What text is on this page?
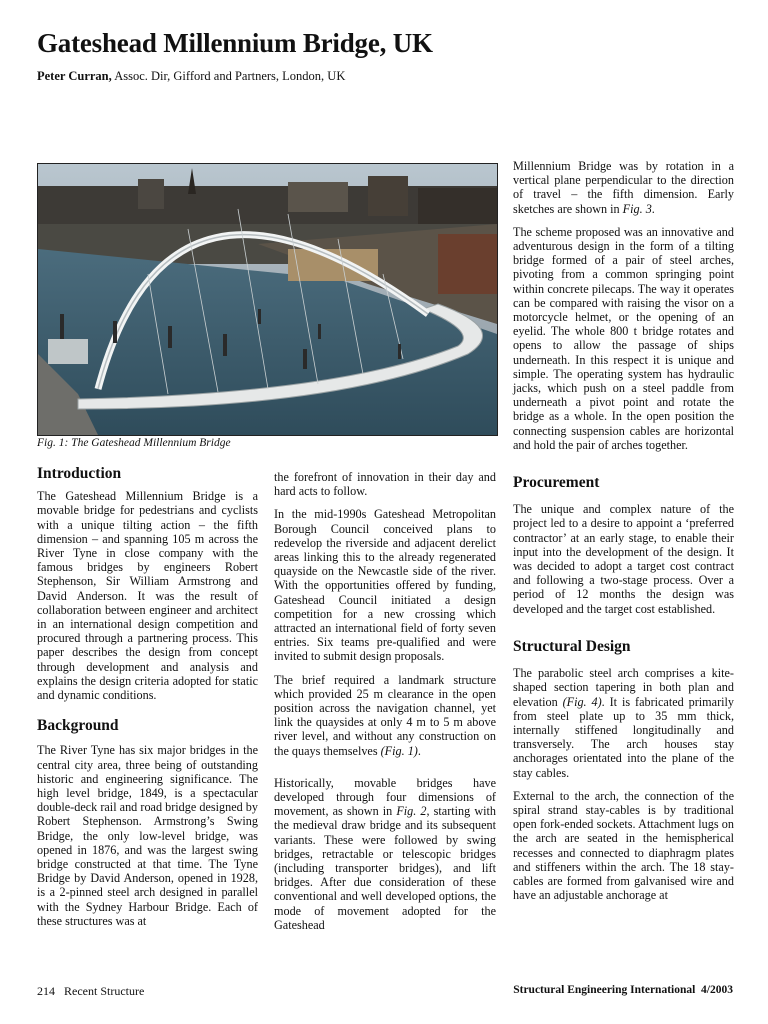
Gateshead Millennium Bridge, UK
Peter Curran, Assoc. Dir, Gifford and Partners, London, UK
Fig. 1: The Gateshead Millennium Bridge
Introduction

The Gateshead Millennium Bridge is a movable bridge for pedestrians and cyclists with a unique tilting action – the fifth dimension – and spanning 105 m across the River Tyne in close company with the famous bridges by engineers Robert Stephenson, Sir William Armstrong and David Anderson. It was the result of collaboration between engineer and architect in an international design competition and procured through a partnering process. This paper describes the design from concept through development and analysis and explains the design criteria adopted for static and dynamic conditions.

Background

The River Tyne has six major bridges in the central city area, three being of outstanding historic and engineering significance. The high level bridge, 1849, is a spectacular double-deck rail and road bridge designed by Robert Stephenson. Armstrong’s Swing Bridge, the only low-level bridge, was opened in 1876, and was the largest swing bridge constructed at that time. The Tyne Bridge by David Anderson, opened in 1928, is a 2-pinned steel arch designed in parallel with the Sydney Harbour Bridge. Each of these structures was at

the forefront of innovation in their day and hard acts to follow.

In the mid-1990s Gateshead Metropolitan Borough Council conceived plans to redevelop the riverside and adjacent derelict areas linking this to the already regenerated quayside on the Newcastle side of the river. With the opportunities offered by funding, Gateshead Council initiated a design competition for a new crossing which attracted an international field of forty seven entries. Six teams pre-qualified and were invited to submit design proposals.

The brief required a landmark structure which provided 25 m clearance in the open position across the navigation channel, yet link the quaysides at only 4 m to 5 m above river level, and without any construction on the quays themselves (Fig. 1).

Historically, movable bridges have developed through four dimensions of movement, as shown in Fig. 2, starting with the medieval draw bridge and its subsequent variants. These were followed by swing bridges, retractable or telescopic bridges (including transporter bridges), and lift bridges. After due consideration of these conventional and well developed options, the mode of movement adopted for the Gateshead

Millennium Bridge was by rotation in a vertical plane perpendicular to the direction of travel – the fifth dimension. Early sketches are shown in Fig. 3.

The scheme proposed was an innovative and adventurous design in the form of a tilting bridge formed of a pair of steel arches, pivoting from a common springing point within concrete pilecaps. The way it operates can be compared with raising the visor on a motorcycle helmet, or the opening of an eyelid. The whole 800 t bridge rotates and opens to allow the passage of ships underneath. In this respect it is unique and simple. The operating system has hydraulic jacks, which push on a steel paddle from underneath a pivot point and rotate the bridge as a whole. In the open position the connecting suspension cables are horizontal and hold the pair of arches together.

Procurement

The unique and complex nature of the project led to a desire to appoint a ‘preferred contractor’ at an early stage, to enable their input into the development of the design. It was decided to adopt a target cost contract and following a two-stage process. Over a period of 12 months the design was developed and the target cost established.

Structural Design

The parabolic steel arch comprises a kite-shaped section tapering in both plan and elevation (Fig. 4). It is fabricated primarily from steel plate up to 35 mm thick, internally stiffened longitudinally and transversely. The arch houses stay anchorages orientated into the plane of the stay cables.

External to the arch, the connection of the spiral strand stay-cables is by traditional open fork-ended sockets. Attachment lugs on the arch are seated in the hemispherical recesses and connected to diaphragm plates and stiffeners within the arch. The 18 stay-cables are formed from galvanised wire and have an adjustable anchorage at

214   Recent Structure	Structural Engineering International  4/2003
